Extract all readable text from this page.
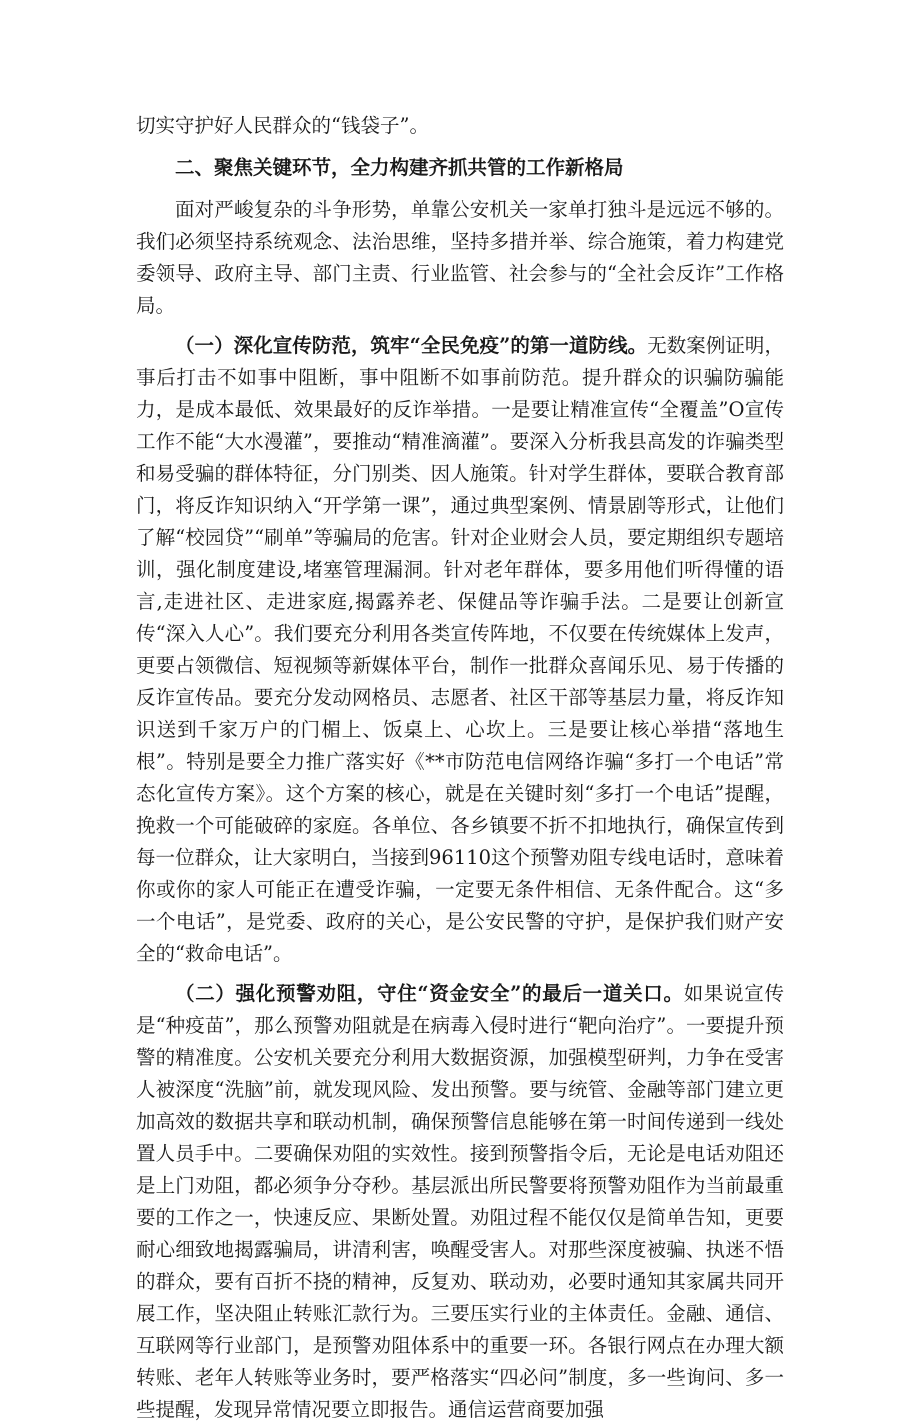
切实守护好人民群众的“钱袋子”。

二、聚焦关键环节，全力构建齐抓共管的工作新格局

面对严峻复杂的斗争形势，单靠公安机关一家单打独斗是远远不够的。我们必须坚持系统观念、法治思维，坚持多措并举、综合施策，着力构建党委领导、政府主导、部门主责、行业监管、社会参与的“全社会反诈”工作格局。

（一）深化宣传防范，筑牢“全民免疫”的第一道防线。无数案例证明，事后打击不如事中阻断，事中阻断不如事前防范。提升群众的识骗防骗能力，是成本最低、效果最好的反诈举措。一是要让精准宣传“全覆盖”O宣传工作不能“大水漫灌”，要推动“精准滴灌”。要深入分析我县高发的诈骗类型和易受骗的群体特征，分门别类、因人施策。针对学生群体，要联合教育部门，将反诈知识纳入“开学第一课”，通过典型案例、情景剧等形式，让他们了解“校园贷”“刷单”等骗局的危害。针对企业财会人员，要定期组织专题培训，强化制度建设,堵塞管理漏洞。针对老年群体，要多用他们听得懂的语言,走进社区、走进家庭,揭露养老、保健品等诈骗手法。二是要让创新宣传“深入人心”。我们要充分利用各类宣传阵地，不仅要在传统媒体上发声，更要占领微信、短视频等新媒体平台，制作一批群众喜闻乐见、易于传播的反诈宣传品。要充分发动网格员、志愿者、社区干部等基层力量，将反诈知识送到千家万户的门楣上、饭桌上、心坎上。三是要让核心举措“落地生根”。特别是要全力推广落实好《**市防范电信网络诈骗“多打一个电话”常态化宣传方案》。这个方案的核心，就是在关键时刻“多打一个电话”提醒，挽救一个可能破碎的家庭。各单位、各乡镇要不折不扣地执行，确保宣传到每一位群众，让大家明白，当接到96110这个预警劝阻专线电话时，意味着你或你的家人可能正在遭受诈骗，一定要无条件相信、无条件配合。这“多一个电话”，是党委、政府的关心，是公安民警的守护，是保护我们财产安全的“救命电话”。

（二）强化预警劝阻，守住“资金安全”的最后一道关口。如果说宣传是“种疫苗”，那么预警劝阻就是在病毒入侵时进行“靶向治疗”。一要提升预警的精准度。公安机关要充分利用大数据资源，加强模型研判，力争在受害人被深度“洗脑”前，就发现风险、发出预警。要与统管、金融等部门建立更加高效的数据共享和联动机制，确保预警信息能够在第一时间传递到一线处置人员手中。二要确保劝阻的实效性。接到预警指令后，无论是电话劝阻还是上门劝阻，都必须争分夺秒。基层派出所民警要将预警劝阻作为当前最重要的工作之一，快速反应、果断处置。劝阻过程不能仅仅是简单告知，更要耐心细致地揭露骗局，讲清利害，唤醒受害人。对那些深度被骗、执迷不悟的群众，要有百折不挠的精神，反复劝、联动劝，必要时通知其家属共同开展工作，坚决阻止转账汇款行为。三要压实行业的主体责任。金融、通信、互联网等行业部门，是预警劝阻体系中的重要一环。各银行网点在办理大额转账、老年人转账等业务时，要严格落实“四必问”制度，多一些询问、多一些提醒，发现异常情况要立即报告。通信运营商要加强
